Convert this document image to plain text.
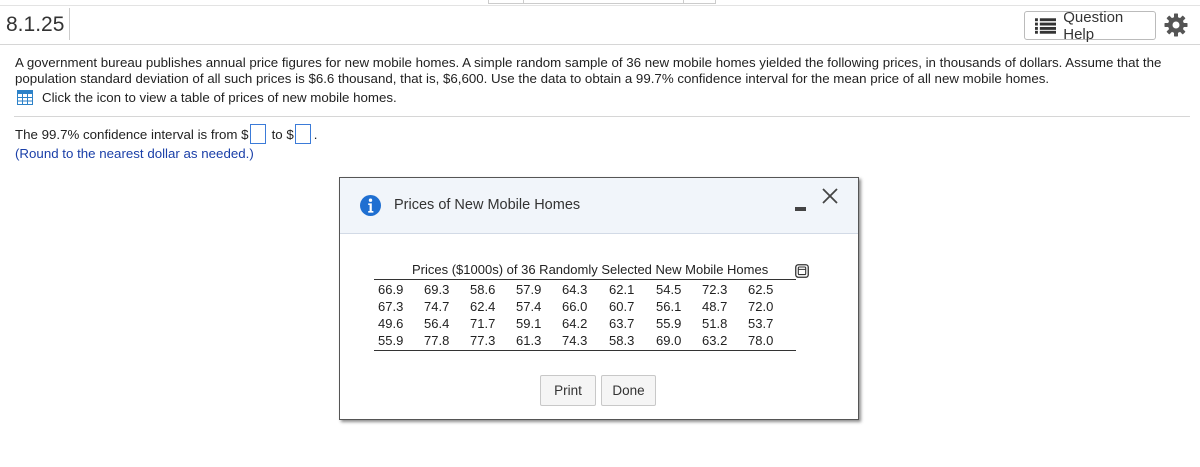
8.1.25	Question Help
A government bureau publishes annual price figures for new mobile homes. A simple random sample of 36 new mobile homes yielded the following prices, in thousands of dollars. Assume that the population standard deviation of all such prices is $6.6 thousand, that is, $6,600. Use the data to obtain a 99.7% confidence interval for the mean price of all new mobile homes.
Click the icon to view a table of prices of new mobile homes.
The 99.7% confidence interval is from $ to $ .
(Round to the nearest dollar as needed.)
Prices of New Mobile Homes
Prices ($1000s) of 36 Randomly Selected New Mobile Homes
66.9	69.3	58.6	57.9	64.3	62.1	54.5	72.3	62.5
67.3	74.7	62.4	57.4	66.0	60.7	56.1	48.7	72.0
49.6	56.4	71.7	59.1	64.2	63.7	55.9	51.8	53.7
55.9	77.8	77.3	61.3	74.3	58.3	69.0	63.2	78.0
Print	Done
